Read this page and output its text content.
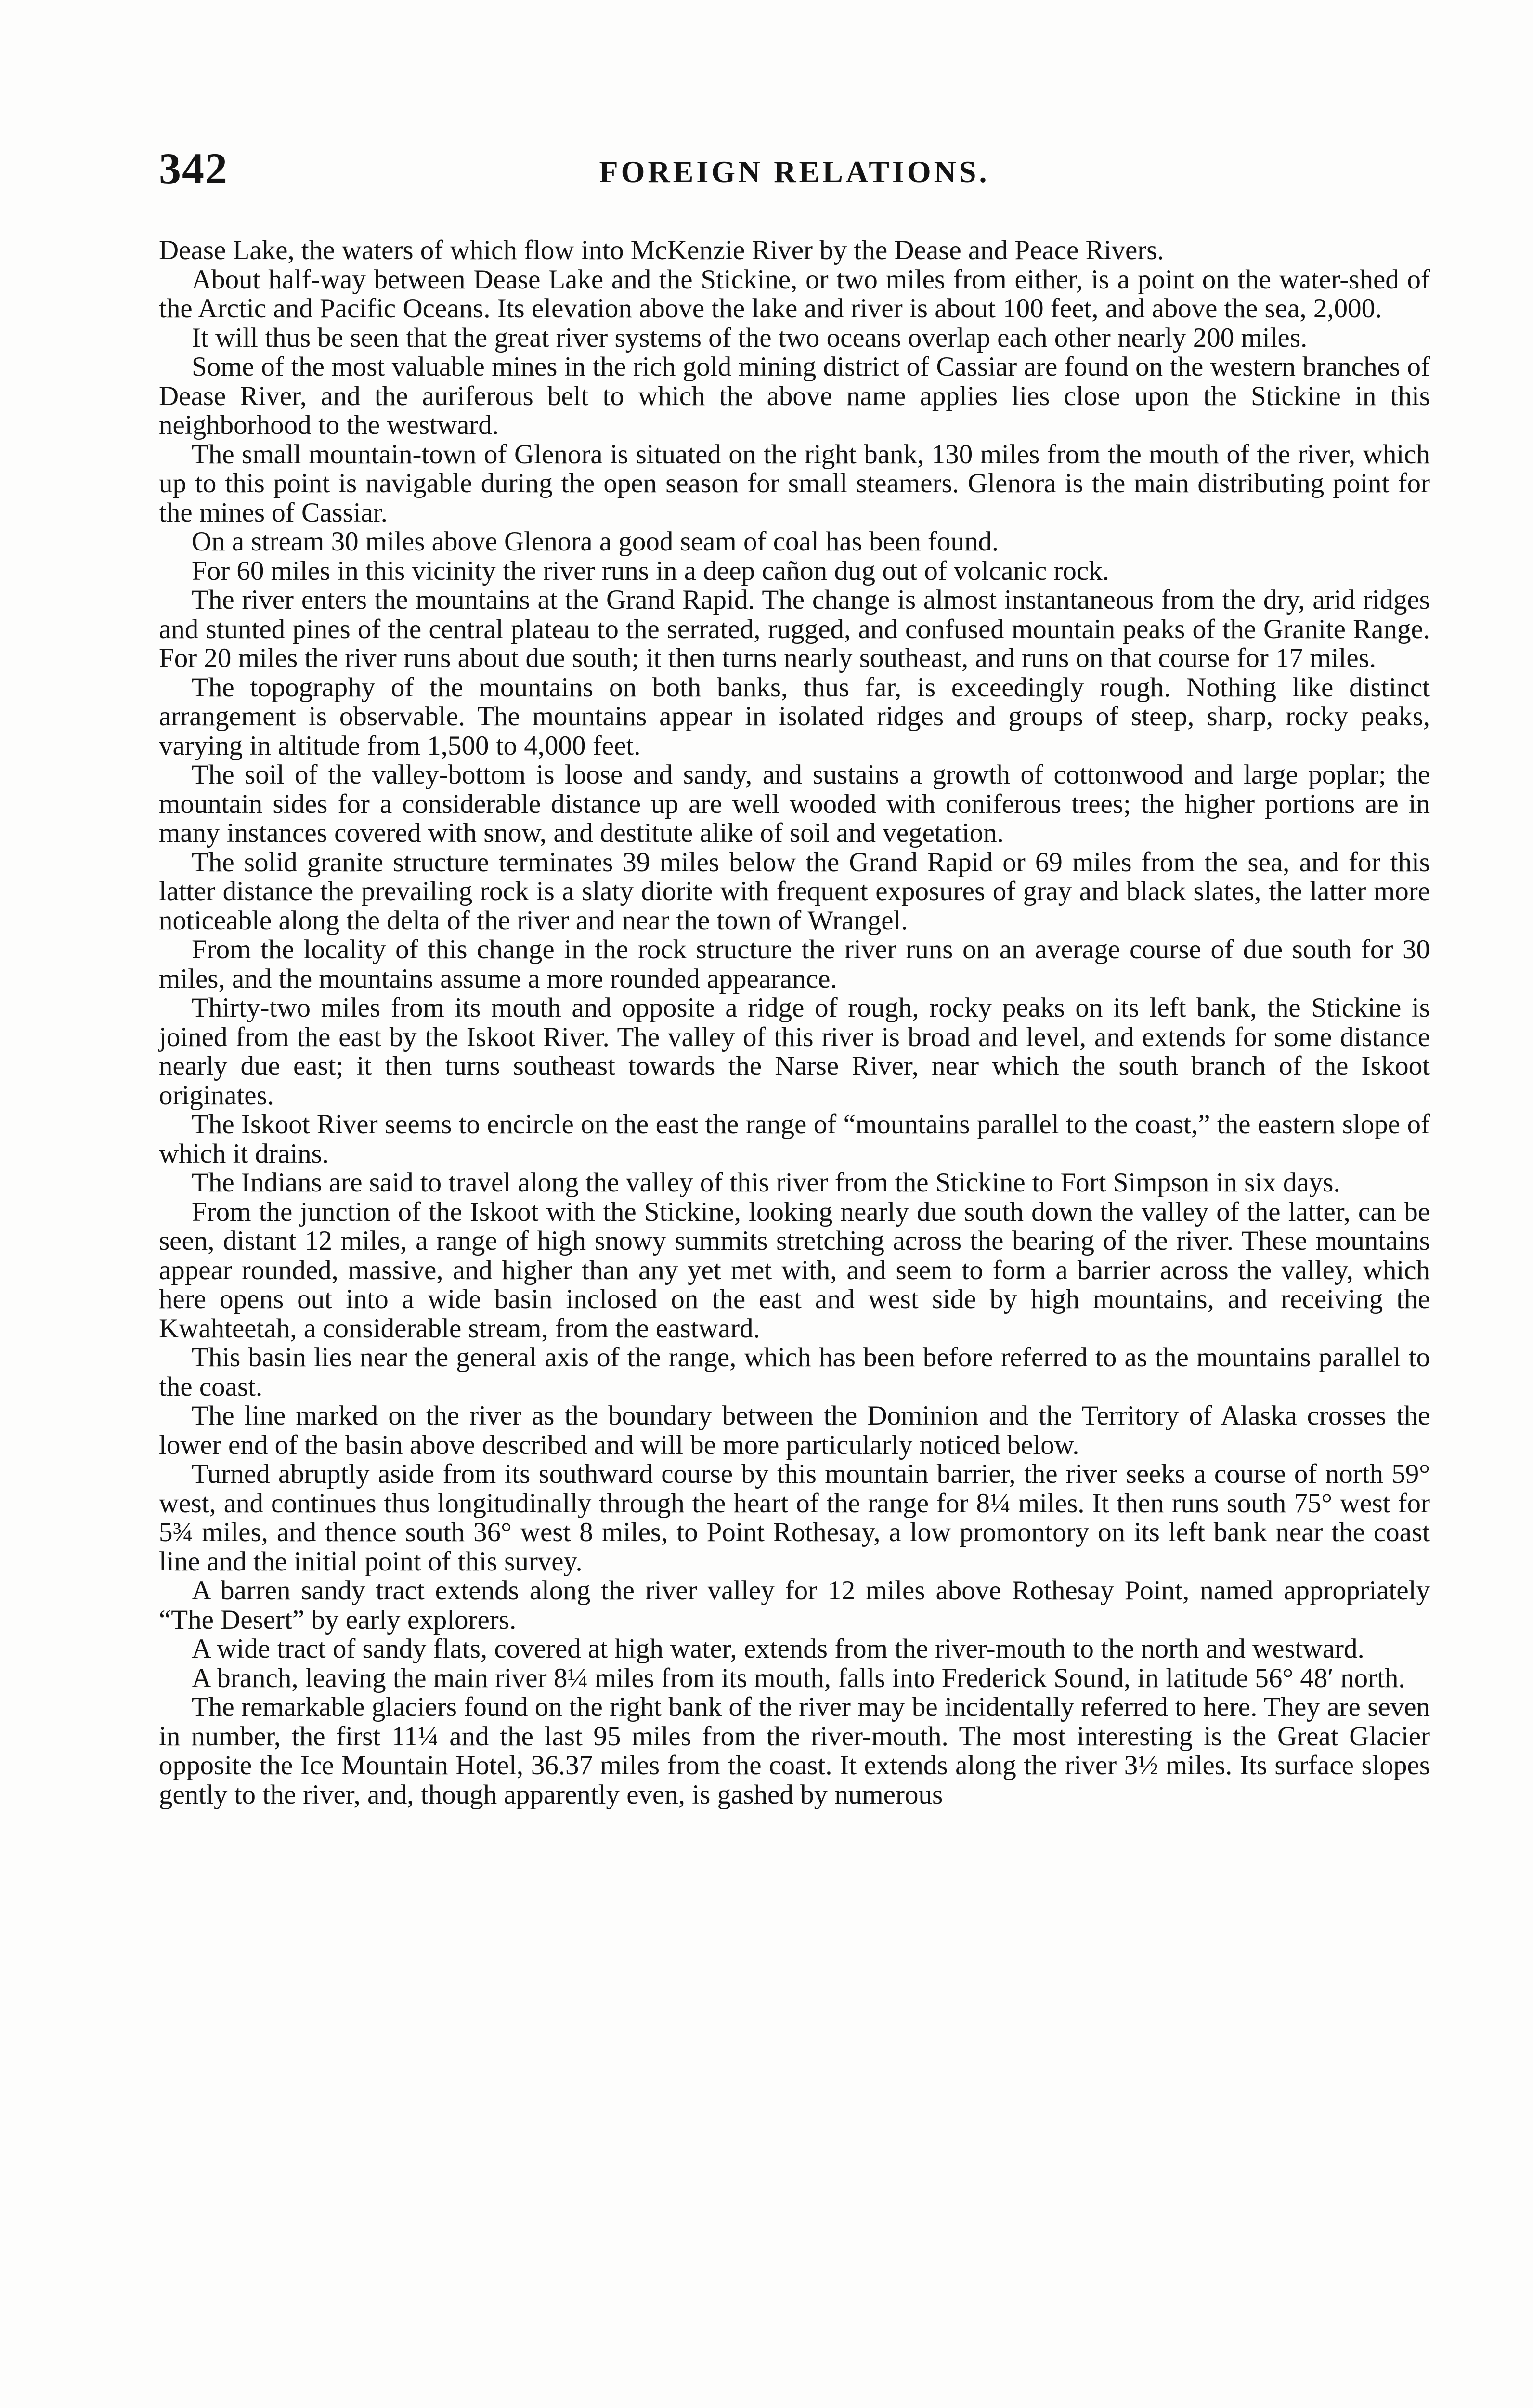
342	FOREIGN RELATIONS.

Dease Lake, the waters of which flow into McKenzie River by the Dease and Peace Rivers.

About half-way between Dease Lake and the Stickine, or two miles from either, is a point on the water-shed of the Arctic and Pacific Oceans. Its elevation above the lake and river is about 100 feet, and above the sea, 2,000.

It will thus be seen that the great river systems of the two oceans overlap each other nearly 200 miles.

Some of the most valuable mines in the rich gold mining district of Cassiar are found on the western branches of Dease River, and the auriferous belt to which the above name applies lies close upon the Stickine in this neighborhood to the westward.

The small mountain-town of Glenora is situated on the right bank, 130 miles from the mouth of the river, which up to this point is navigable during the open season for small steamers. Glenora is the main distributing point for the mines of Cassiar.

On a stream 30 miles above Glenora a good seam of coal has been found.

For 60 miles in this vicinity the river runs in a deep cañon dug out of volcanic rock.

The river enters the mountains at the Grand Rapid. The change is almost instantaneous from the dry, arid ridges and stunted pines of the central plateau to the serrated, rugged, and confused mountain peaks of the Granite Range. For 20 miles the river runs about due south; it then turns nearly southeast, and runs on that course for 17 miles.

The topography of the mountains on both banks, thus far, is exceedingly rough. Nothing like distinct arrangement is observable. The mountains appear in isolated ridges and groups of steep, sharp, rocky peaks, varying in altitude from 1,500 to 4,000 feet.

The soil of the valley-bottom is loose and sandy, and sustains a growth of cottonwood and large poplar; the mountain sides for a considerable distance up are well wooded with coniferous trees; the higher portions are in many instances covered with snow, and destitute alike of soil and vegetation.

The solid granite structure terminates 39 miles below the Grand Rapid or 69 miles from the sea, and for this latter distance the prevailing rock is a slaty diorite with frequent exposures of gray and black slates, the latter more noticeable along the delta of the river and near the town of Wrangel.

From the locality of this change in the rock structure the river runs on an average course of due south for 30 miles, and the mountains assume a more rounded appearance.

Thirty-two miles from its mouth and opposite a ridge of rough, rocky peaks on its left bank, the Stickine is joined from the east by the Iskoot River. The valley of this river is broad and level, and extends for some distance nearly due east; it then turns southeast towards the Narse River, near which the south branch of the Iskoot originates.

The Iskoot River seems to encircle on the east the range of “mountains parallel to the coast,” the eastern slope of which it drains.

The Indians are said to travel along the valley of this river from the Stickine to Fort Simpson in six days.

From the junction of the Iskoot with the Stickine, looking nearly due south down the valley of the latter, can be seen, distant 12 miles, a range of high snowy summits stretching across the bearing of the river. These mountains appear rounded, massive, and higher than any yet met with, and seem to form a barrier across the valley, which here opens out into a wide basin inclosed on the east and west side by high mountains, and receiving the Kwahteetah, a considerable stream, from the eastward.

This basin lies near the general axis of the range, which has been before referred to as the mountains parallel to the coast.

The line marked on the river as the boundary between the Dominion and the Territory of Alaska crosses the lower end of the basin above described and will be more particularly noticed below.

Turned abruptly aside from its southward course by this mountain barrier, the river seeks a course of north 59° west, and continues thus longitudinally through the heart of the range for 8¼ miles. It then runs south 75° west for 5¾ miles, and thence south 36° west 8 miles, to Point Rothesay, a low promontory on its left bank near the coast line and the initial point of this survey.

A barren sandy tract extends along the river valley for 12 miles above Rothesay Point, named appropriately “The Desert” by early explorers.

A wide tract of sandy flats, covered at high water, extends from the river-mouth to the north and westward.

A branch, leaving the main river 8¼ miles from its mouth, falls into Frederick Sound, in latitude 56° 48′ north.

The remarkable glaciers found on the right bank of the river may be incidentally referred to here. They are seven in number, the first 11¼ and the last 95 miles from the river-mouth. The most interesting is the Great Glacier opposite the Ice Mountain Hotel, 36.37 miles from the coast. It extends along the river 3½ miles. Its surface slopes gently to the river, and, though apparently even, is gashed by numerous
